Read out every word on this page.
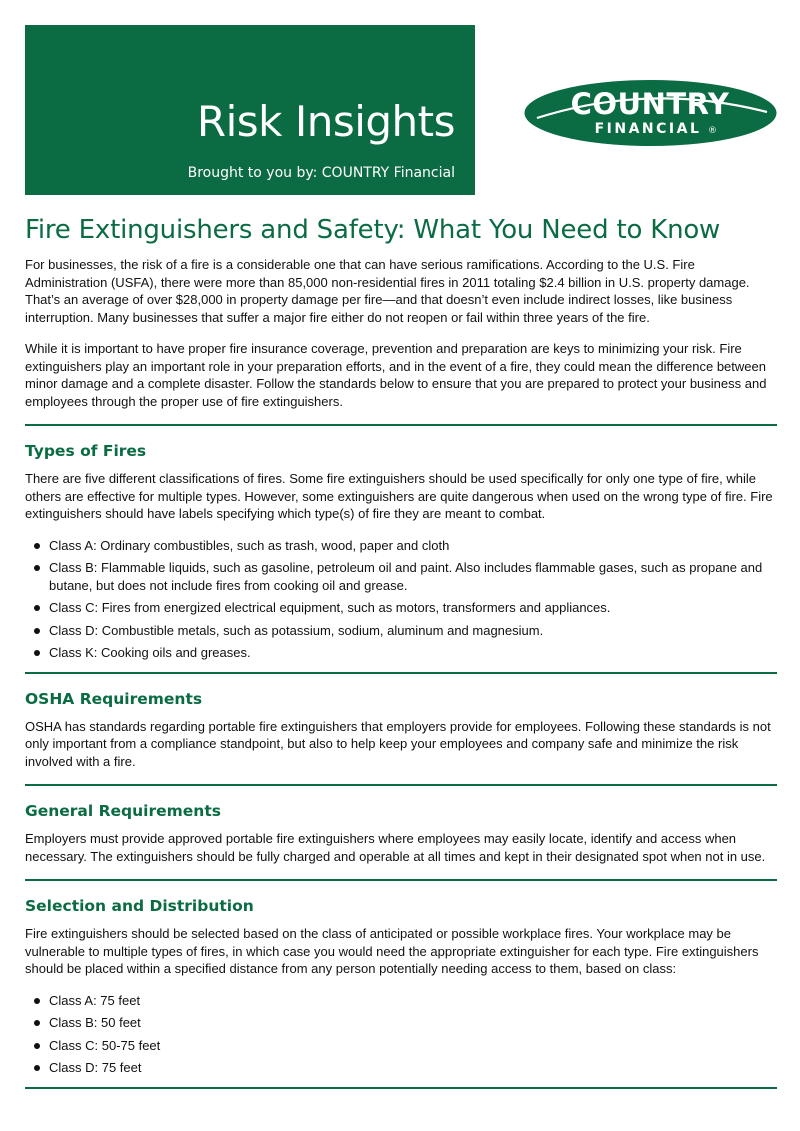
Risk Insights
Brought to you by: COUNTRY Financial
COUNTRY
FINANCIAL ®
Fire Extinguishers and Safety: What You Need to Know

For businesses, the risk of a fire is a considerable one that can have serious ramifications. According to the U.S. Fire Administration (USFA), there were more than 85,000 non-residential fires in 2011 totaling $2.4 billion in U.S. property damage. That’s an average of over $28,000 in property damage per fire—and that doesn’t even include indirect losses, like business interruption. Many businesses that suffer a major fire either do not reopen or fail within three years of the fire.

While it is important to have proper fire insurance coverage, prevention and preparation are keys to minimizing your risk. Fire extinguishers play an important role in your preparation efforts, and in the event of a fire, they could mean the difference between minor damage and a complete disaster. Follow the standards below to ensure that you are prepared to protect your business and employees through the proper use of fire extinguishers.

Types of Fires

There are five different classifications of fires. Some fire extinguishers should be used specifically for only one type of fire, while others are effective for multiple types. However, some extinguishers are quite dangerous when used on the wrong type of fire. Fire extinguishers should have labels specifying which type(s) of fire they are meant to combat.

Class A: Ordinary combustibles, such as trash, wood, paper and cloth
Class B: Flammable liquids, such as gasoline, petroleum oil and paint. Also includes flammable gases, such as propane and butane, but does not include fires from cooking oil and grease.
Class C: Fires from energized electrical equipment, such as motors, transformers and appliances.
Class D: Combustible metals, such as potassium, sodium, aluminum and magnesium.
Class K: Cooking oils and greases.
OSHA Requirements

OSHA has standards regarding portable fire extinguishers that employers provide for employees. Following these standards is not only important from a compliance standpoint, but also to help keep your employees and company safe and minimize the risk involved with a fire.

General Requirements

Employers must provide approved portable fire extinguishers where employees may easily locate, identify and access when necessary. The extinguishers should be fully charged and operable at all times and kept in their designated spot when not in use.

Selection and Distribution

Fire extinguishers should be selected based on the class of anticipated or possible workplace fires. Your workplace may be vulnerable to multiple types of fires, in which case you would need the appropriate extinguisher for each type. Fire extinguishers should be placed within a specified distance from any person potentially needing access to them, based on class:

Class A: 75 feet
Class B: 50 feet
Class C: 50-75 feet
Class D: 75 feet
